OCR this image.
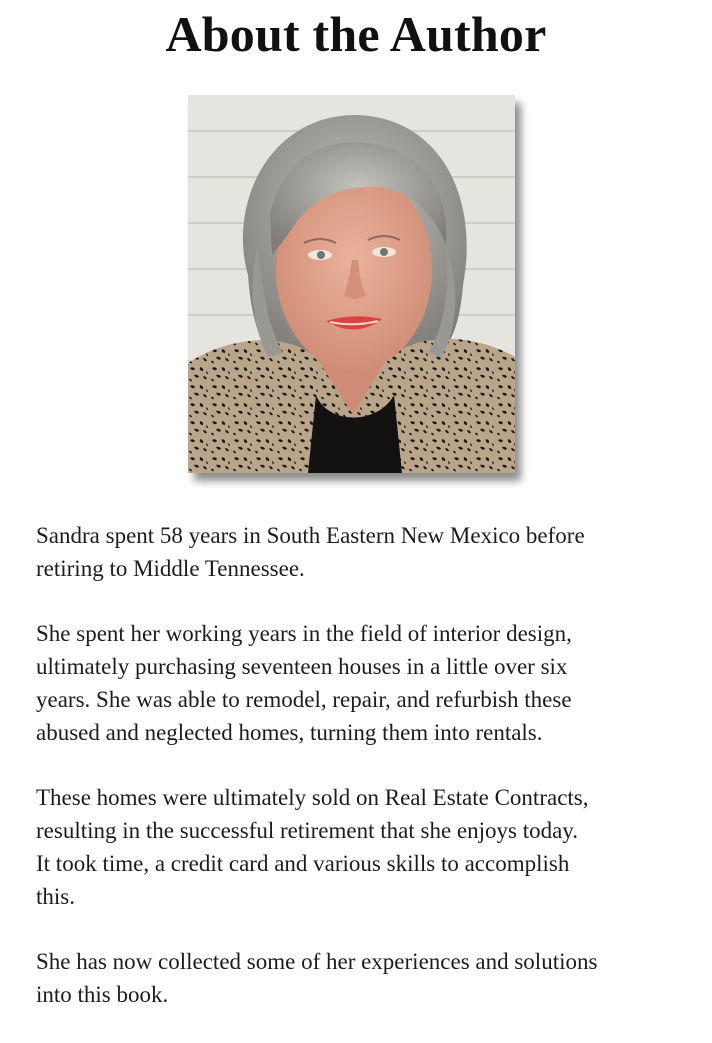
About the Author

Sandra spent 58 years in South Eastern New Mexico before
retiring to Middle Tennessee.

She spent her working years in the field of interior design,
ultimately purchasing seventeen houses in a little over six
years. She was able to remodel, repair, and refurbish these
abused and neglected homes, turning them into rentals.

These homes were ultimately sold on Real Estate Contracts,
resulting in the successful retirement that she enjoys today.
It took time, a credit card and various skills to accomplish
this.

She has now collected some of her experiences and solutions
into this book.
